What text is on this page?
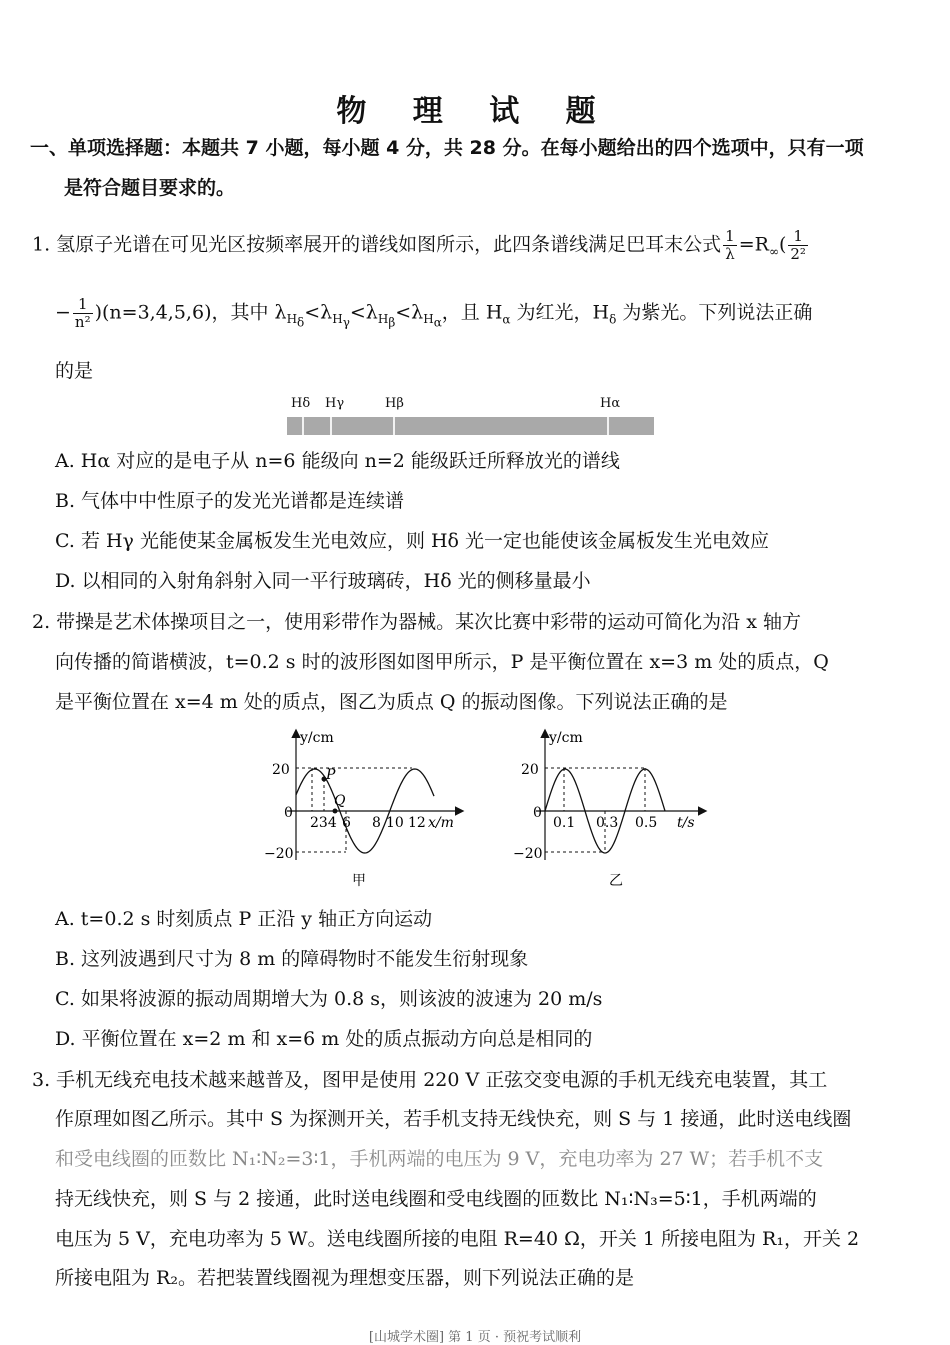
物 理 试 题
一、单项选择题：本题共 7 小题，每小题 4 分，共 28 分。在每小题给出的四个选项中，只有一项
是符合题目要求的。
1. 氢原子光谱在可见光区按频率展开的谱线如图所示，此四条谱线满足巴耳末公式 $\frac{1}{\lambda} =R_\infty( \frac{1}{\text{2²}}$
− $\frac{1}{\text{n²}} )(n=3,4,5,6)$，其中 $\lambda_{H_\delta}<\lambda_{H_\gamma}<\lambda_{H_\beta}<\lambda_{H_\alpha}$，且 $H_\alpha$ 为红光，$H_\delta$ 为紫光。下列说法正确
的是
Hδ Hγ	Hβ	Hα
A. Hα 对应的是电子从 n=6 能级向 n=2 能级跃迁所释放光的谱线
B. 气体中中性原子的发光光谱都是连续谱
C. 若 Hγ 光能使某金属板发生光电效应，则 Hδ 光一定也能使该金属板发生光电效应
D. 以相同的入射角斜射入同一平行玻璃砖，Hδ 光的侧移量最小
2. 带操是艺术体操项目之一，使用彩带作为器械。某次比赛中彩带的运动可简化为沿 x 轴方
向传播的简谐横波，t=0.2 s 时的波形图如图甲所示，P 是平衡位置在 x=3 m 处的质点，Q
是平衡位置在 x=4 m 处的质点，图乙为质点 Q 的振动图像。下列说法正确的是
y/cm
20
0
−20
P
Q
234 6 8 10 12 x/m
甲
y/cm
20
0
−20
0.1 0.3 0.5 t/s
乙
A. t=0.2 s 时刻质点 P 正沿 y 轴正方向运动
B. 这列波遇到尺寸为 8 m 的障碍物时不能发生衍射现象
C. 如果将波源的振动周期增大为 0.8 s，则该波的波速为 20 m/s
D. 平衡位置在 x=2 m 和 x=6 m 处的质点振动方向总是相同的
3. 手机无线充电技术越来越普及，图甲是使用 220 V 正弦交变电源的手机无线充电装置，其工
作原理如图乙所示。其中 S 为探测开关，若手机支持无线快充，则 S 与 1 接通，此时送电线圈
和受电线圈的匝数比 N₁∶N₂=3∶1，手机两端的电压为 9 V，充电功率为 27 W；若手机不支
持无线快充，则 S 与 2 接通，此时送电线圈和受电线圈的匝数比 N₁∶N₃=5∶1，手机两端的
电压为 5 V，充电功率为 5 W。送电线圈所接的电阻 R=40 Ω，开关 1 所接电阻为 R₁，开关 2
所接电阻为 R₂。若把装置线圈视为理想变压器，则下列说法正确的是
[山城学术圈] 第 1 页 · 预祝考试顺利
